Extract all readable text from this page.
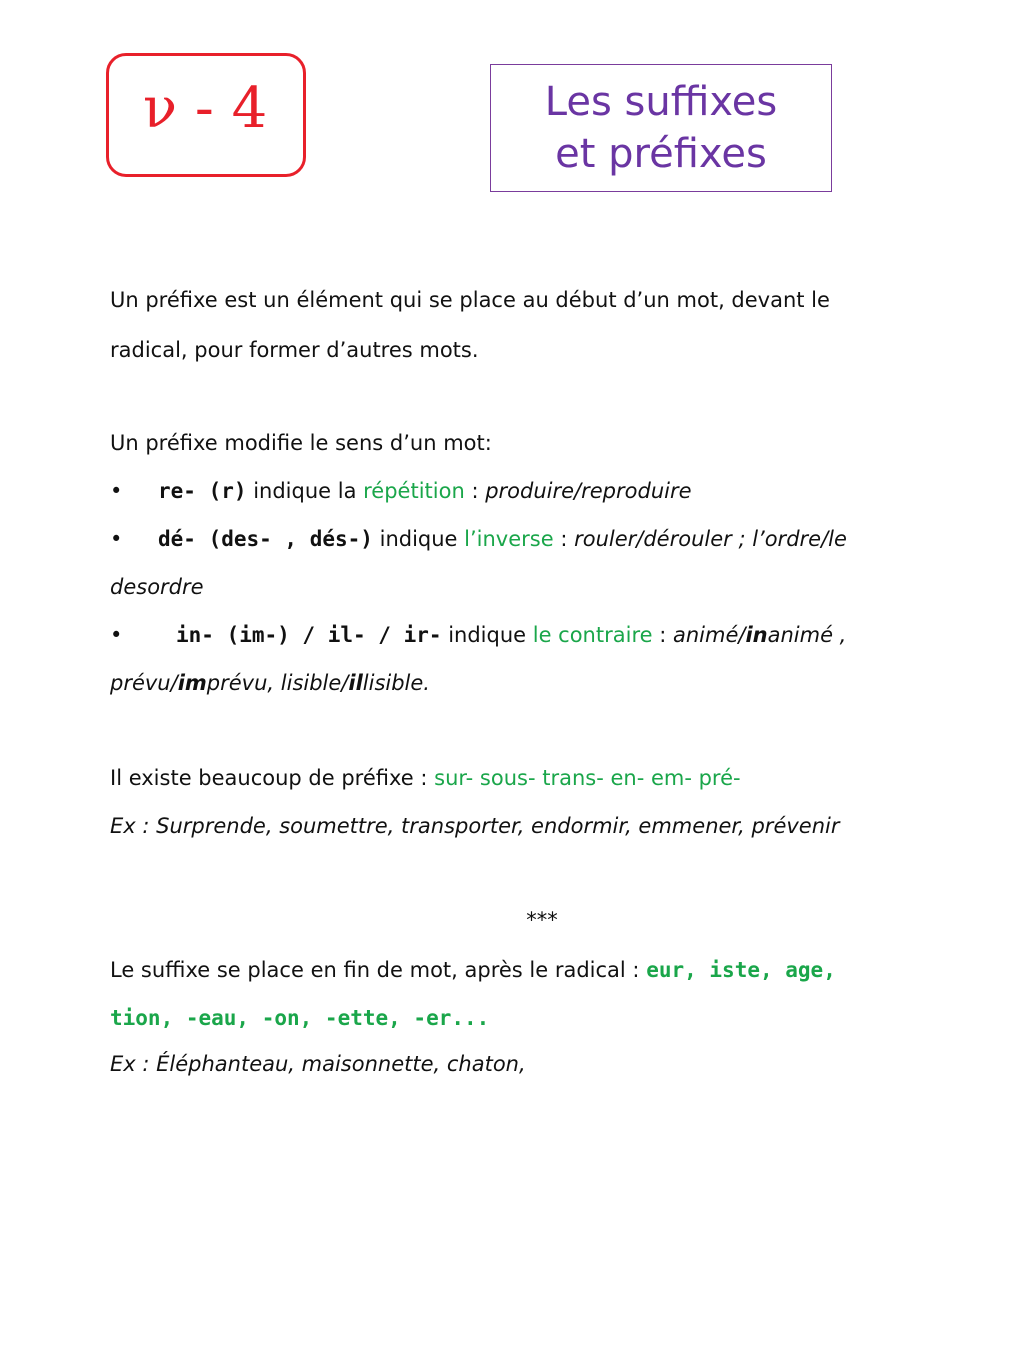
ν - 4	Les suffixes
et préfixes
Un préfixe est un élément qui se place au début d’un mot, devant le
radical, pour former d’autres mots.
Un préfixe modifie le sens d’un mot:
• re- (r) indique la répétition : produire/reproduire
• dé- (des- , dés-) indique l’inverse : rouler/dérouler ; l’ordre/le
desordre
•	in- (im-) / il- / ir- indique le contraire : animé/inanimé ,
prévu/imprévu, lisible/illisible.
Il existe beaucoup de préfixe : sur- sous- trans- en- em- pré-
Ex : Surprende, soumettre, transporter, endormir, emmener, prévenir
***
Le suffixe se place en fin de mot, après le radical : eur, iste, age,
tion, -eau, -on, -ette, -er...
Ex : Éléphanteau, maisonnette, chaton,
